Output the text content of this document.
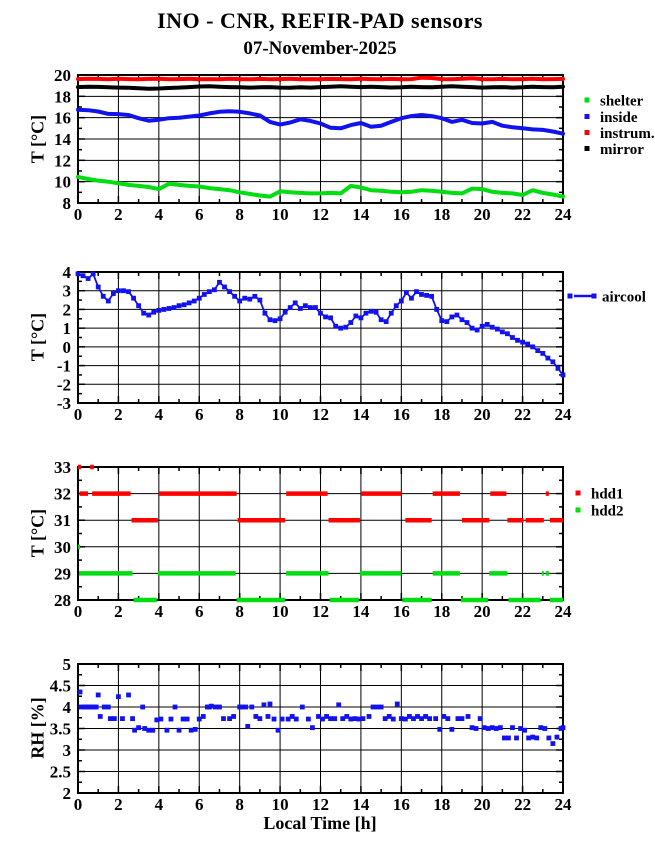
INO - CNR, REFIR-PAD sensors
07-November-2025
T [°C]
T [°C]
T [°C]
RH [%]
0 2 4 6 8 10 12 14 16 18 20 22 24
8
10
12
14
16
18
20
shelter
inside
instrum.
mirror
0 2 4 6 8 10 12 14 16 18 20 22 24
-3
-2
-1
0
1
2
3
4
aircool
0 2 4 6 8 10 12 14 16 18 20 22 24
28
29
30
31
32
33
hdd1
hdd2
0 2 4 6 8 10 12 14 16 18 20 22 24
2
2.5
3
3.5
4
4.5
5
Local Time [h]
